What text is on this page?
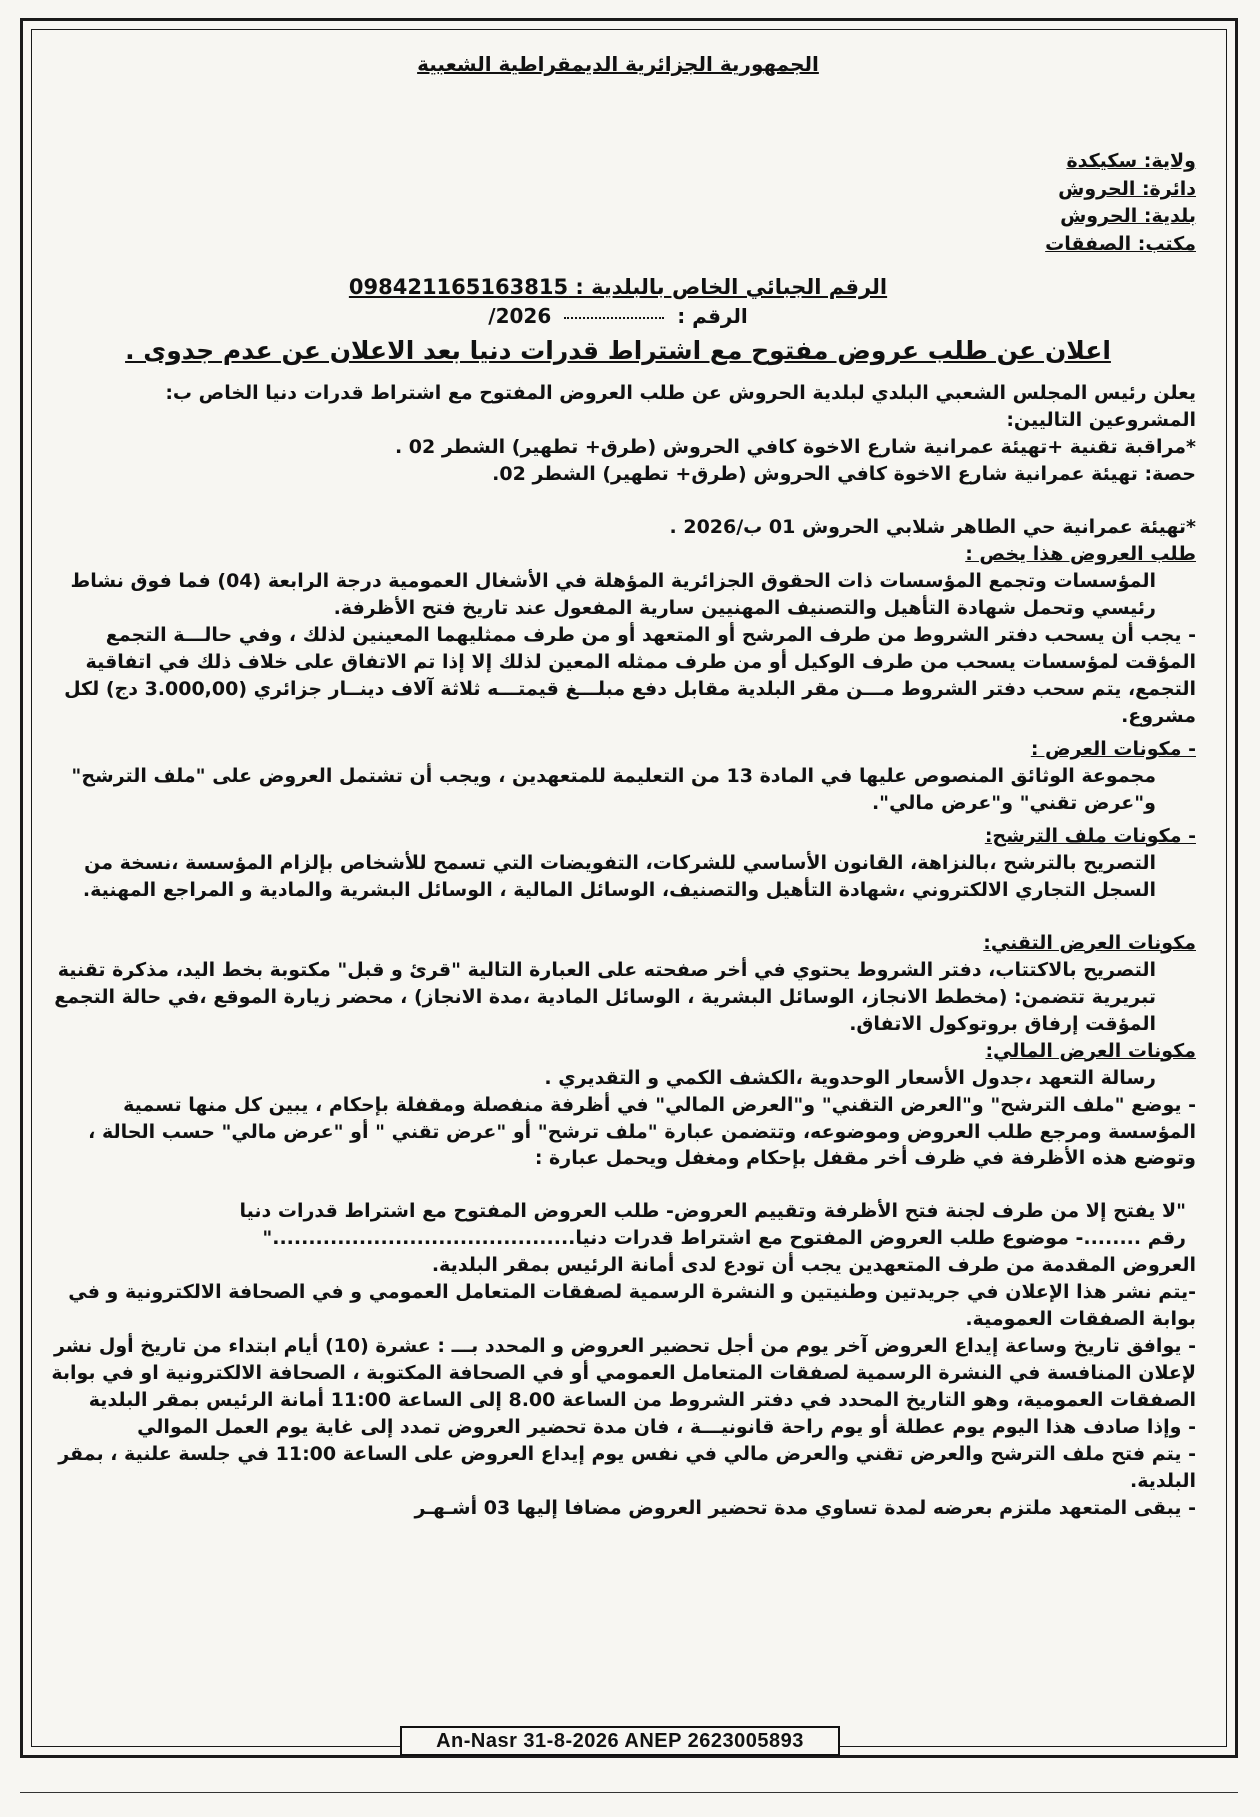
الجمهورية الجزائرية الديمقراطية الشعبية
ولاية: سكيكدة
دائرة: الحروش
بلدية: الحروش
مكتب: الصفقات
الرقم الجبائي الخاص بالبلدية : 098421165163815
الرقم :  2026/
اعلان عن طلب عروض مفتوح مع اشتراط قدرات دنيا بعد الاعلان عن عدم جدوى .

يعلن رئيس المجلس الشعبي البلدي لبلدية الحروش عن طلب العروض المفتوح مع اشتراط قدرات دنيا الخاص ب:

المشروعين التاليين:

*مراقبة تقنية +تهيئة عمرانية شارع الاخوة كافي الحروش (طرق+ تطهير) الشطر 02 .

حصة: تهيئة عمرانية شارع الاخوة كافي الحروش (طرق+ تطهير) الشطر 02.

*تهيئة عمرانية حي الطاهر شلابي الحروش 01 ب/2026 .

طلب العروض هذا يخص :

المؤسسات وتجمع المؤسسات ذات الحقوق الجزائرية المؤهلة في الأشغال العمومية درجة الرابعة (04) فما فوق نشاط رئيسي وتحمل شهادة التأهيل والتصنيف المهنيين سارية المفعول عند تاريخ فتح الأظرفة.

- يجب أن يسحب دفتر الشروط من طرف المرشح أو المتعهد أو من طرف ممثليهما المعينين لذلك ، وفي حالـــة التجمع المؤقت لمؤسسات يسحب من طرف الوكيل أو من طرف ممثله المعين لذلك إلا إذا تم الاتفاق على خلاف ذلك في اتفاقية التجمع، يتم سحب دفتر الشروط مـــن مقر البلدية مقابل دفع مبلـــغ قيمتـــه ثلاثة آلاف دينــار جزائري (3.000,00 دج) لكل مشروع.

- مكونات العرض :

مجموعة الوثائق المنصوص عليها في المادة 13 من التعليمة للمتعهدين ، ويجب أن تشتمل العروض على "ملف الترشح" و"عرض تقني" و"عرض مالي".

- مكونات ملف الترشح:

التصريح بالترشح ،بالنزاهة، القانون الأساسي للشركات، التفويضات التي تسمح للأشخاص بإلزام المؤسسة ،نسخة من السجل التجاري الالكتروني ،شهادة التأهيل والتصنيف، الوسائل المالية ، الوسائل البشرية والمادية و المراجع المهنية.

مكونات العرض التقني:

التصريح بالاكتتاب، دفتر الشروط يحتوي في أخر صفحته على العبارة التالية "قرئ و قبل" مكتوبة بخط اليد، مذكرة تقنية تبريرية تتضمن: (مخطط الانجاز، الوسائل البشرية ، الوسائل المادية ،مدة الانجاز) ، محضر زيارة الموقع ،في حالة التجمع المؤقت إرفاق بروتوكول الاتفاق.

مكونات العرض المالي:

رسالة التعهد ،جدول الأسعار الوحدوية ،الكشف الكمي و التقديري .

- يوضع "ملف الترشح" و"العرض التقني" و"العرض المالي" في أظرفة منفصلة ومقفلة بإحكام ، يبين كل منها تسمية المؤسسة ومرجع طلب العروض وموضوعه، وتتضمن عبارة "ملف ترشح" أو "عرض تقني " أو "عرض مالي" حسب الحالة ، وتوضع هذه الأظرفة في ظرف أخر مقفل بإحكام ومغفل ويحمل عبارة :

"لا يفتح إلا من طرف لجنة فتح الأظرفة وتقييم العروض- طلب العروض المفتوح مع اشتراط قدرات دنيا رقم ........- موضوع طلب العروض المفتوح مع اشتراط قدرات دنيا.........................................."

العروض المقدمة من طرف المتعهدين يجب أن تودع لدى أمانة الرئيس بمقر البلدية.

-يتم نشر هذا الإعلان في جريدتين وطنيتين و النشرة الرسمية لصفقات المتعامل العمومي و في الصحافة الالكترونية و في بوابة الصفقات العمومية.

- يوافق تاريخ وساعة إيداع العروض آخر يوم من أجل تحضير العروض و المحدد بـــ : عشرة (10) أيام ابتداء من تاريخ أول نشر لإعلان المنافسة في النشرة الرسمية لصفقات المتعامل العمومي أو في الصحافة المكتوبة ، الصحافة الالكترونية او في بوابة الصفقات العمومية، وهو التاريخ المحدد في دفتر الشروط من الساعة 8.00 إلى الساعة 11:00 أمانة الرئيس بمقر البلدية

- وإذا صادف هذا اليوم يوم عطلة أو يوم راحة قانونيـــة ، فان مدة تحضير العروض تمدد إلى غاية يوم العمل الموالي

- يتم فتح ملف الترشح والعرض تقني والعرض مالي في نفس يوم إيداع العروض على الساعة 11:00 في جلسة علنية ، بمقر البلدية.

- يبقى المتعهد ملتزم بعرضه لمدة تساوي مدة تحضير العروض مضافا إليها 03 أشـهـر

An-Nasr 31-8-2026 ANEP 2623005893
